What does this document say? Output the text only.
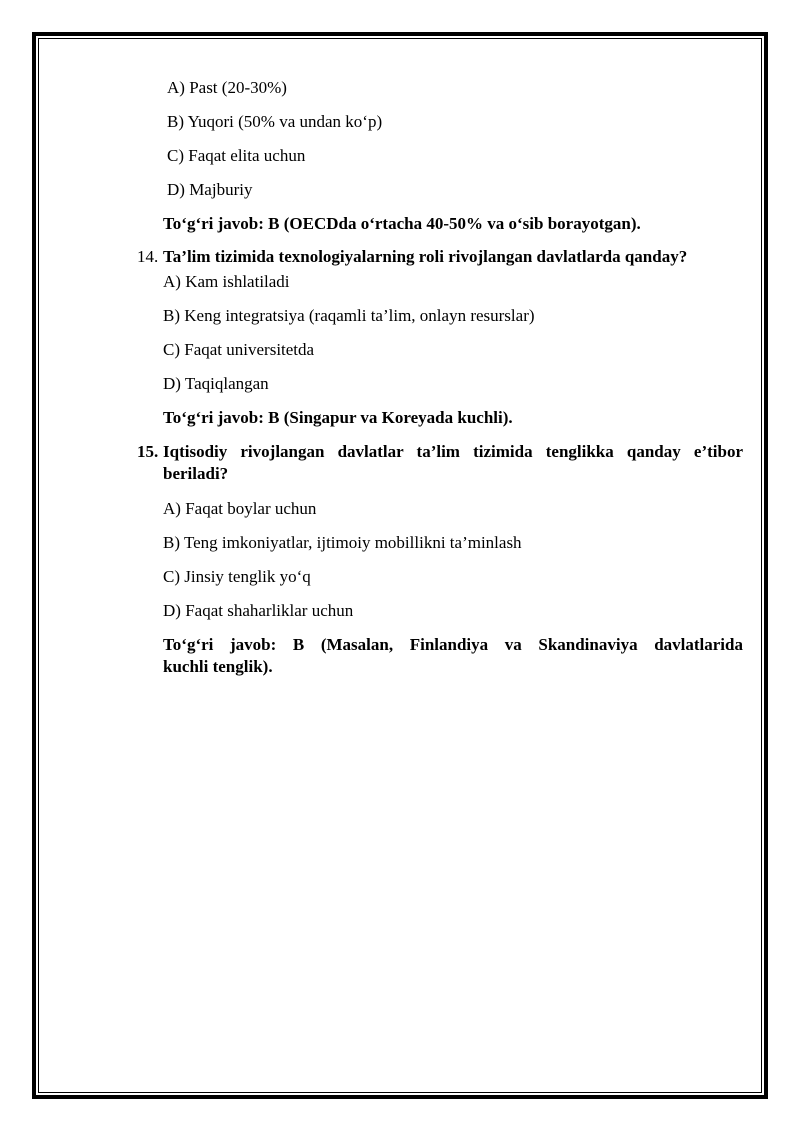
A) Past (20-30%)
B) Yuqori (50% va undan ko‘p)
C) Faqat elita uchun
D) Majburiy
To‘g‘ri javob: B (OECDda o‘rtacha 40-50% va o‘sib borayotgan).
14. Ta’lim tizimida texnologiyalarning roli rivojlangan davlatlarda qanday?
A) Kam ishlatiladi
B) Keng integratsiya (raqamli ta’lim, onlayn resurslar)
C) Faqat universitetda
D) Taqiqlangan
To‘g‘ri javob: B (Singapur va Koreyada kuchli).
15. Iqtisodiy rivojlangan davlatlar ta’lim tizimida tenglikka qanday e’tibor
beriladi?
A) Faqat boylar uchun
B) Teng imkoniyatlar, ijtimoiy mobillikni ta’minlash
C) Jinsiy tenglik yo‘q
D) Faqat shaharliklar uchun
To‘g‘ri javob: B (Masalan, Finlandiya va Skandinaviya davlatlarida
kuchli tenglik).
